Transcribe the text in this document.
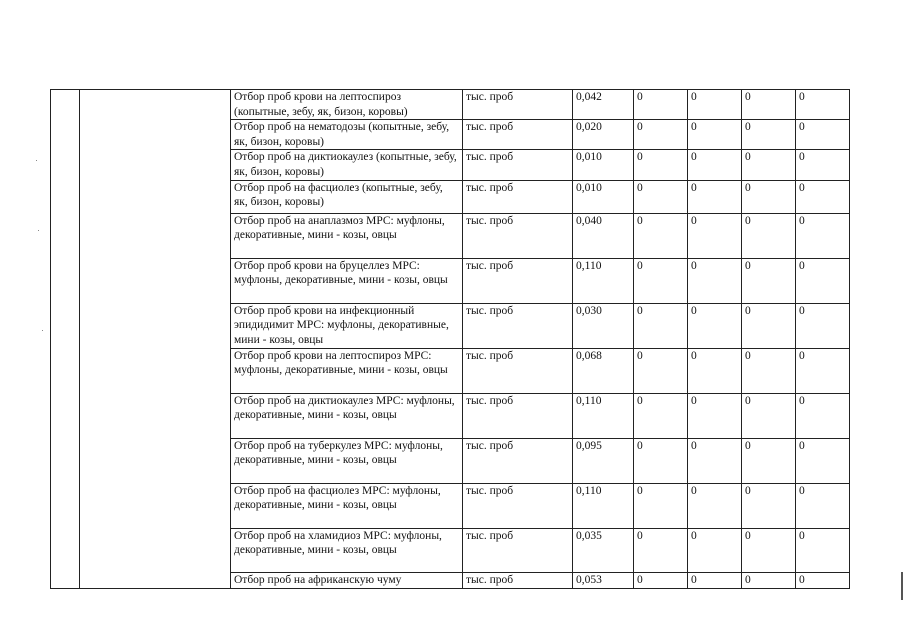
		Отбор проб крови на лептоспироз (копытные, зебу, як, бизон, коровы)	тыс. проб	0,042	0	0	0	0
		Отбор проб на нематодозы (копытные, зебу, як, бизон, коровы)	тыс. проб	0,020	0	0	0	0
		Отбор проб на диктиокаулез (копытные, зебу, як, бизон, коровы)	тыс. проб	0,010	0	0	0	0
		Отбор проб на фасциолез (копытные, зебу, як, бизон, коровы)	тыс. проб	0,010	0	0	0	0
		Отбор проб на анаплазмоз МРС: муфлоны, декоративные, мини - козы, овцы	тыс. проб	0,040	0	0	0	0
		Отбор проб крови на бруцеллез МРС: муфлоны, декоративные, мини - козы, овцы	тыс. проб	0,110	0	0	0	0
		Отбор проб крови на инфекционный эпидидимит МРС: муфлоны, декоративные, мини - козы, овцы	тыс. проб	0,030	0	0	0	0
		Отбор проб крови на лептоспироз МРС: муфлоны, декоративные, мини - козы, овцы	тыс. проб	0,068	0	0	0	0
		Отбор проб на диктиокаулез МРС: муфлоны, декоративные, мини - козы, овцы	тыс. проб	0,110	0	0	0	0
		Отбор проб на туберкулез МРС: муфлоны, декоративные, мини - козы, овцы	тыс. проб	0,095	0	0	0	0
		Отбор проб на фасциолез МРС: муфлоны, декоративные, мини - козы, овцы	тыс. проб	0,110	0	0	0	0
		Отбор проб на хламидиоз МРС: муфлоны, декоративные, мини - козы, овцы	тыс. проб	0,035	0	0	0	0
		Отбор проб на африканскую чуму	тыс. проб	0,053	0	0	0	0
